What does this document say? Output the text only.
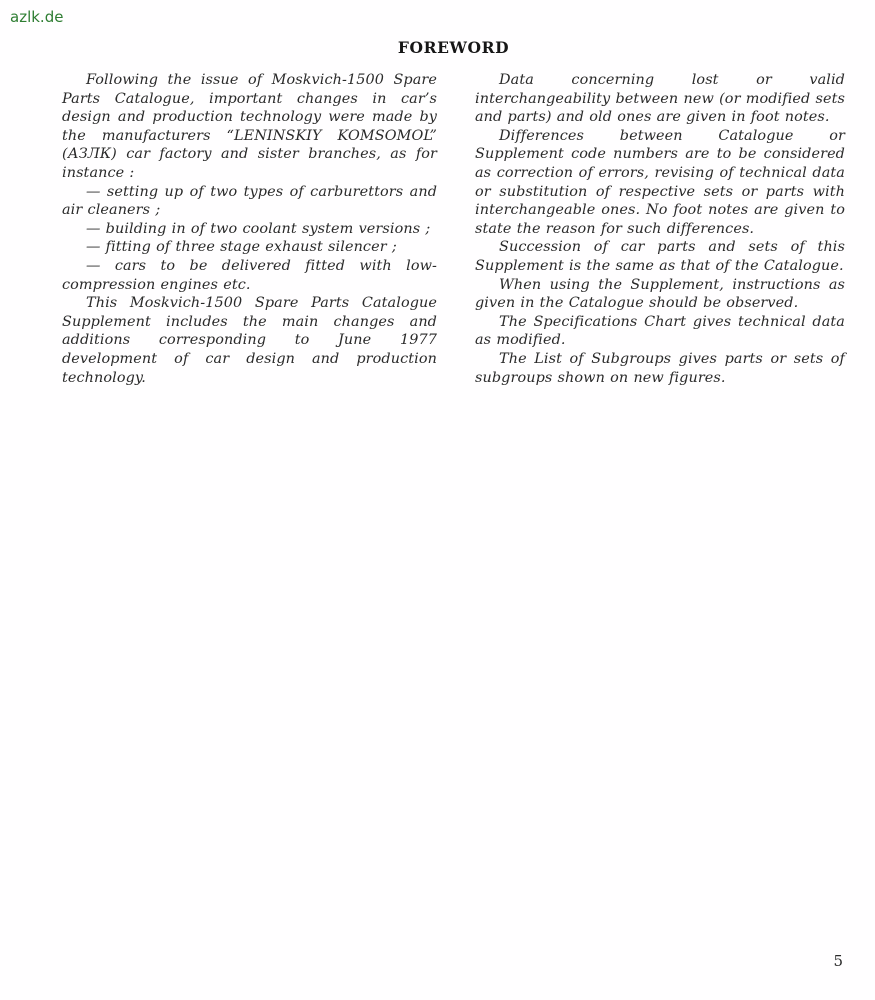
azlk.de
FOREWORD

Following the issue of Moskvich-1500 Spare Parts Catalogue, important changes in car’s design and production technology were made by the manufacturers “LENINSKIY KOMSOMOL” (АЗЛК) car factory and sister branches, as for instance :

— setting up of two types of carburettors and air cleaners ;

— building in of two coolant system versions ;

— fitting of three stage exhaust silencer ;

— cars to be delivered fitted with low-compression engines etc.

This Moskvich-1500 Spare Parts Catalogue Supplement includes the main changes and additions corresponding to June 1977 development of car design and production technology.

Data concerning lost or valid interchangeability between new (or modified sets and parts) and old ones are given in foot notes.

Differences between Catalogue or Supplement code numbers are to be considered as correction of errors, revising of technical data or substitution of respective sets or parts with interchangeable ones. No foot notes are given to state the reason for such differences.

Succession of car parts and sets of this Supplement is the same as that of the Catalogue.

When using the Supplement, instructions as given in the Catalogue should be observed.

The Specifications Chart gives technical data as modified.

The List of Subgroups gives parts or sets of subgroups shown on new figures.

5
